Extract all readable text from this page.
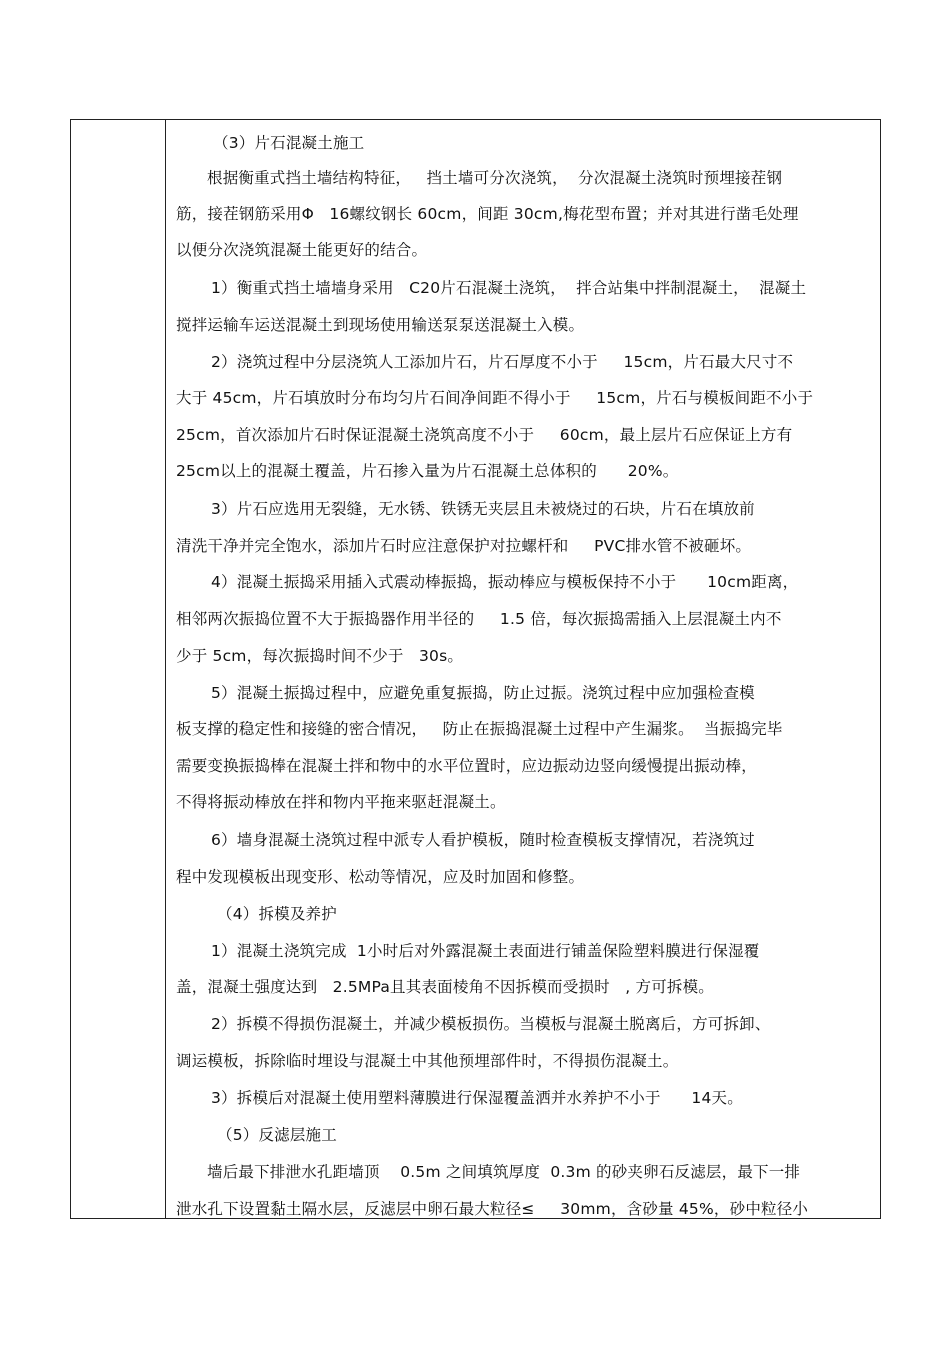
（3）片石混凝土施工
根据衡重式挡土墙结构特征，   挡土墙可分次浇筑，  分次混凝土浇筑时预埋接茬钢
筋，接茬钢筋采用Φ   16螺纹钢长 60cm，间距 30cm,梅花型布置；并对其进行凿毛处理
以便分次浇筑混凝土能更好的结合。
1）衡重式挡土墙墙身采用   C20片石混凝土浇筑，  拌合站集中拌制混凝土，  混凝土
搅拌运输车运送混凝土到现场使用输送泵泵送混凝土入模。
2）浇筑过程中分层浇筑人工添加片石，片石厚度不小于     15cm，片石最大尺寸不
大于 45cm，片石填放时分布均匀片石间净间距不得小于     15cm，片石与模板间距不小于
25cm，首次添加片石时保证混凝土浇筑高度不小于     60cm，最上层片石应保证上方有
25cm以上的混凝土覆盖，片石掺入量为片石混凝土总体积的      20%。
3）片石应选用无裂缝，无水锈、铁锈无夹层且未被烧过的石块，片石在填放前
清洗干净并完全饱水，添加片石时应注意保护对拉螺杆和     PVC排水管不被砸坏。
4）混凝土振捣采用插入式震动棒振捣，振动棒应与模板保持不小于      10cm距离，
相邻两次振捣位置不大于振捣器作用半径的     1.5 倍，每次振捣需插入上层混凝土内不
少于 5cm，每次振捣时间不少于   30s。
5）混凝土振捣过程中，应避免重复振捣，防止过振。浇筑过程中应加强检查模
板支撑的稳定性和接缝的密合情况，   防止在振捣混凝土过程中产生漏浆。  当振捣完毕
需要变换振捣棒在混凝土拌和物中的水平位置时，应边振动边竖向缓慢提出振动棒，
不得将振动棒放在拌和物内平拖来驱赶混凝土。
6）墙身混凝土浇筑过程中派专人看护模板，随时检查模板支撑情况，若浇筑过
程中发现模板出现变形、松动等情况，应及时加固和修整。
（4）拆模及养护
1）混凝土浇筑完成  1小时后对外露混凝土表面进行铺盖保险塑料膜进行保湿覆
盖，混凝土强度达到   2.5MPa且其表面棱角不因拆模而受损时   , 方可拆模。
2）拆模不得损伤混凝土，并减少模板损伤。当模板与混凝土脱离后，方可拆卸、
调运模板，拆除临时埋设与混凝土中其他预埋部件时，不得损伤混凝土。
3）拆模后对混凝土使用塑料薄膜进行保湿覆盖洒并水养护不小于      14天。
（5）反滤层施工
墙后最下排泄水孔距墙顶    0.5m 之间填筑厚度  0.3m 的砂夹卵石反滤层，最下一排
泄水孔下设置黏土隔水层，反滤层中卵石最大粒径≤     30mm，含砂量 45%，砂中粒径小
